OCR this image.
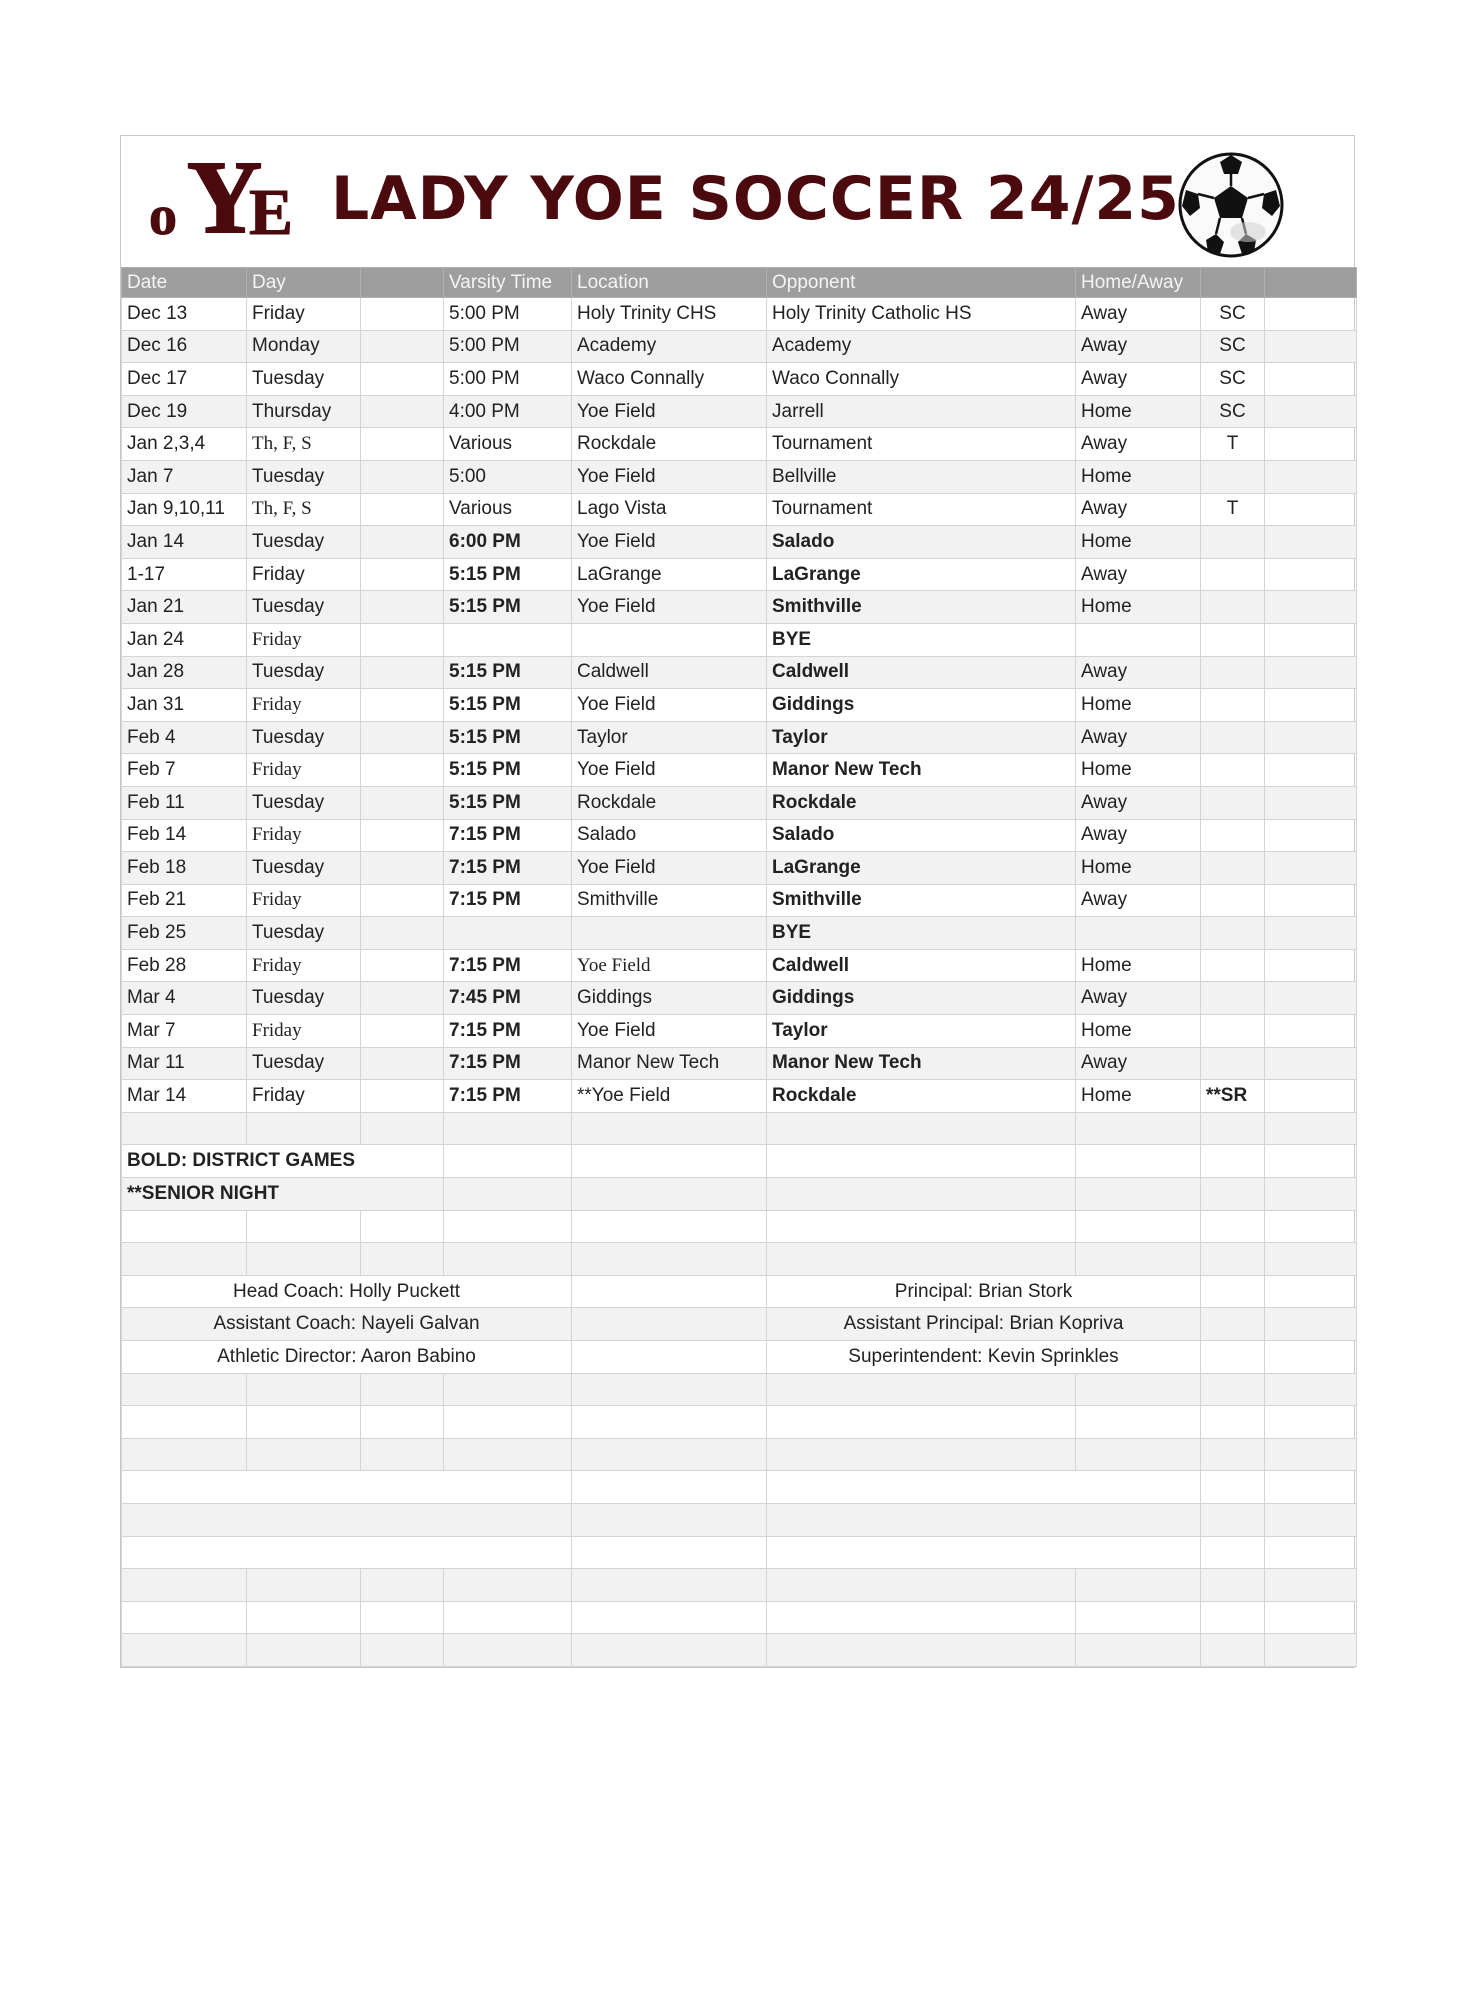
o Y
E LADY YOE SOCCER 24/25
Date	Day		Varsity Time	Location	Opponent	Home/Away		
Dec 13	Friday		5:00 PM	Holy Trinity CHS	Holy Trinity Catholic HS	Away	SC	
Dec 16	Monday		5:00 PM	Academy	Academy	Away	SC	
Dec 17	Tuesday		5:00 PM	Waco Connally	Waco Connally	Away	SC	
Dec 19	Thursday		4:00 PM	Yoe Field	Jarrell	Home	SC	
Jan 2,3,4	Th, F, S		Various	Rockdale	Tournament	Away	T	
Jan 7	Tuesday		5:00	Yoe Field	Bellville	Home		
Jan 9,10,11	Th, F, S		Various	Lago Vista	Tournament	Away	T	
Jan 14	Tuesday		6:00 PM	Yoe Field	Salado	Home		
1-17	Friday		5:15 PM	LaGrange	LaGrange	Away		
Jan 21	Tuesday		5:15 PM	Yoe Field	Smithville	Home		
Jan 24	Friday				BYE			
Jan 28	Tuesday		5:15 PM	Caldwell	Caldwell	Away		
Jan 31	Friday		5:15 PM	Yoe Field	Giddings	Home		
Feb 4	Tuesday		5:15 PM	Taylor	Taylor	Away		
Feb 7	Friday		5:15 PM	Yoe Field	Manor New Tech	Home		
Feb 11	Tuesday		5:15 PM	Rockdale	Rockdale	Away		
Feb 14	Friday		7:15 PM	Salado	Salado	Away		
Feb 18	Tuesday		7:15 PM	Yoe Field	LaGrange	Home		
Feb 21	Friday		7:15 PM	Smithville	Smithville	Away		
Feb 25	Tuesday				BYE			
Feb 28	Friday		7:15 PM	Yoe Field	Caldwell	Home		
Mar 4	Tuesday		7:45 PM	Giddings	Giddings	Away		
Mar 7	Friday		7:15 PM	Yoe Field	Taylor	Home		
Mar 11	Tuesday		7:15 PM	Manor New Tech	Manor New Tech	Away		
Mar 14	Friday		7:15 PM	**Yoe Field	Rockdale	Home	**SR	

BOLD: DISTRICT GAMES								
**SENIOR NIGHT								

Head Coach: Holly Puckett					Principal: Brian Stork			
Assistant Coach: Nayeli Galvan					Assistant Principal: Brian Kopriva			
Athletic Director: Aaron Babino					Superintendent: Kevin Sprinkles			
